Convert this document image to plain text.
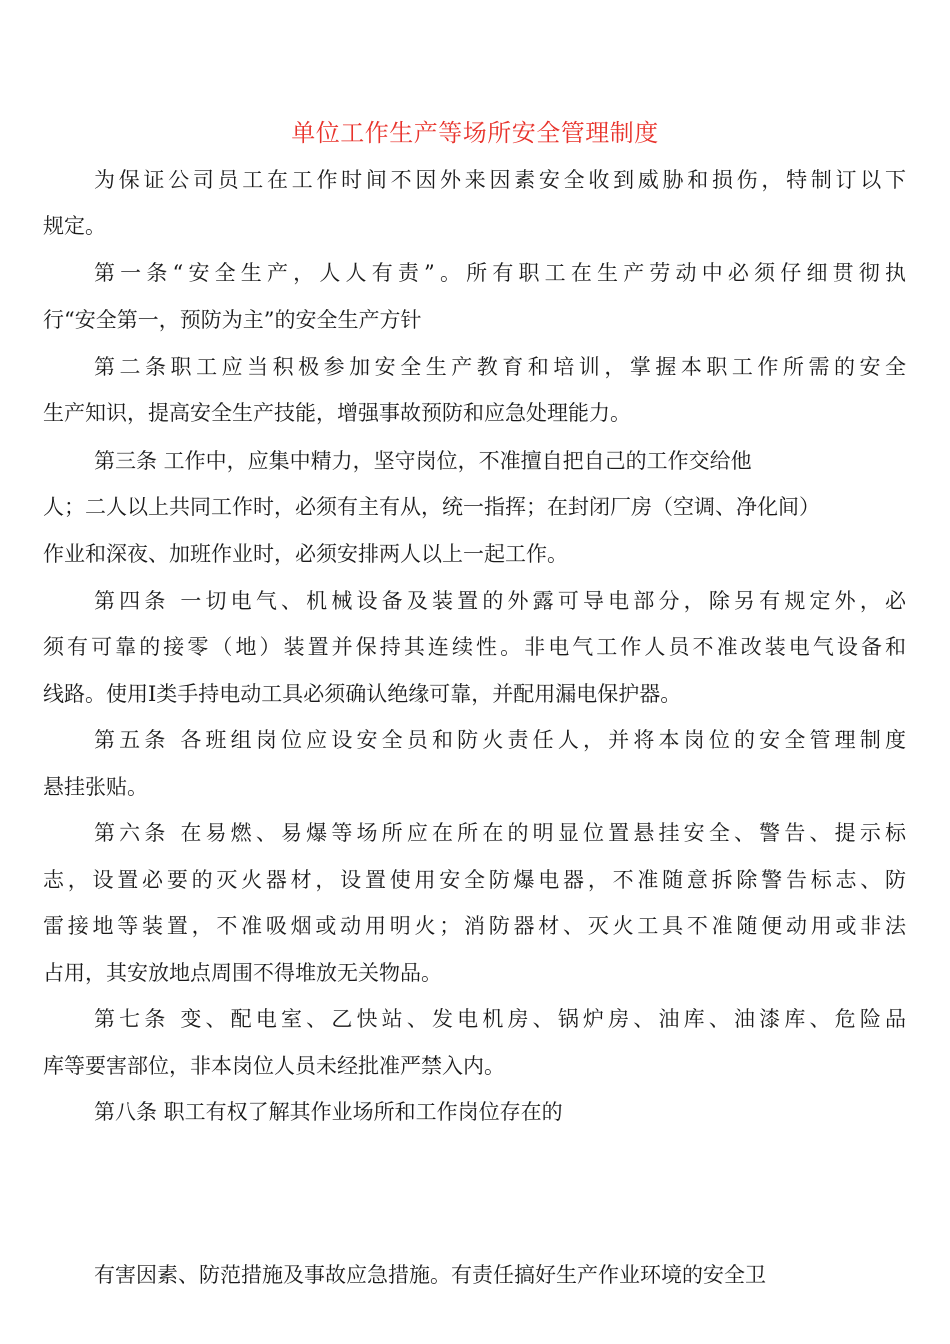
单位工作生产等场所安全管理制度
为保证公司员工在工作时间不因外来因素安全收到威胁和损伤，特制订以下
规定。
第一条“安全生产，人人有责”。所有职工在生产劳动中必须仔细贯彻执
行“安全第一，预防为主”的安全生产方针
第二条职工应当积极参加安全生产教育和培训，掌握本职工作所需的安全
生产知识，提高安全生产技能，增强事故预防和应急处理能力。
第三条 工作中，应集中精力，坚守岗位，不准擅自把自己的工作交给他
人；二人以上共同工作时，必须有主有从，统一指挥；在封闭厂房（空调、净化间）
作业和深夜、加班作业时，必须安排两人以上一起工作。
第四条 一切电气、机械设备及装置的外露可导电部分，除另有规定外，必
须有可靠的接零（地）装置并保持其连续性。非电气工作人员不准改装电气设备和
线路。使用Ⅰ类手持电动工具必须确认绝缘可靠，并配用漏电保护器。
第五条 各班组岗位应设安全员和防火责任人，并将本岗位的安全管理制度
悬挂张贴。
第六条 在易燃、易爆等场所应在所在的明显位置悬挂安全、警告、提示标
志，设置必要的灭火器材，设置使用安全防爆电器，不准随意拆除警告标志、防
雷接地等装置，不准吸烟或动用明火；消防器材、灭火工具不准随便动用或非法
占用，其安放地点周围不得堆放无关物品。
第七条 变、配电室、乙快站、发电机房、锅炉房、油库、油漆库、危险品
库等要害部位，非本岗位人员未经批准严禁入内。
第八条 职工有权了解其作业场所和工作岗位存在的
有害因素、防范措施及事故应急措施。有责任搞好生产作业环境的安全卫
